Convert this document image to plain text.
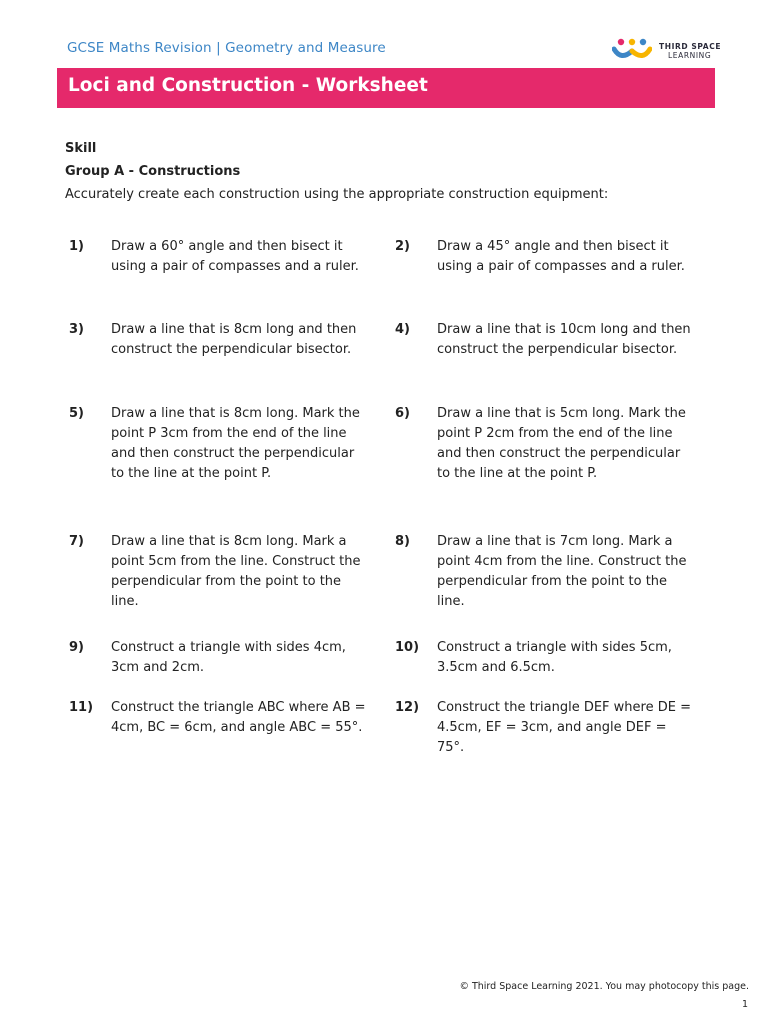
GCSE Maths Revision | Geometry and Measure	THIRD SPACE
LEARNING
Loci and Construction - Worksheet
Skill
Group A - Constructions
Accurately create each construction using the appropriate construction equipment:
1) Draw a 60° angle and then bisect it using a pair of compasses and a ruler.
2) Draw a 45° angle and then bisect it using a pair of compasses and a ruler.
3) Draw a line that is 8cm long and then construct the perpendicular bisector.
4) Draw a line that is 10cm long and then construct the perpendicular bisector.
5) Draw a line that is 8cm long. Mark the point P 3cm from the end of the line and then construct the perpendicular to the line at the point P.
6) Draw a line that is 5cm long. Mark the point P 2cm from the end of the line and then construct the perpendicular to the line at the point P.
7) Draw a line that is 8cm long. Mark a point 5cm from the line. Construct the perpendicular from the point to the line.
8) Draw a line that is 7cm long. Mark a point 4cm from the line. Construct the perpendicular from the point to the line.
9) Construct a triangle with sides 4cm, 3cm and 2cm.
10) Construct a triangle with sides 5cm, 3.5cm and 6.5cm.
11) Construct the triangle ABC where AB = 4cm, BC = 6cm, and angle ABC = 55°.
12) Construct the triangle DEF where DE = 4.5cm, EF = 3cm, and angle DEF = 75°.
© Third Space Learning 2021. You may photocopy this page.
1
